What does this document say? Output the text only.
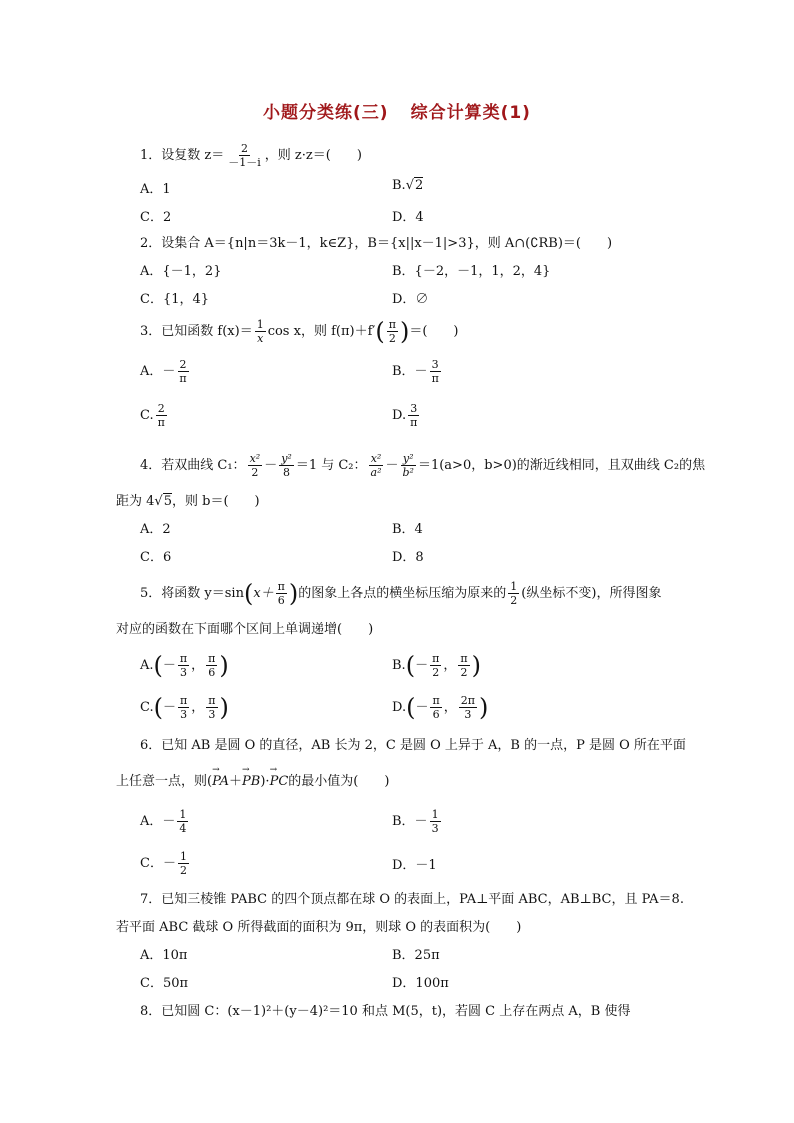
小题分类练(三) 综合计算类(1)
1．设复数 $z= \frac{2}{-1-i}$ ，则 z·z＝(　　)
A．1	B.√2
C．2	D．4
2．设集合 A＝{n|n＝3k－1，k∈Z}，B＝{x||x－1|>3}，则 A∩(∁RB)＝(　　)
A．{－1，2}	B．{－2，－1，1，2，4}
C．{1，4}	D．∅
3．已知函数 $f(x)= \frac{1}{x}$ cos x，则 $f(\pi)+f'( \frac{\pi}{2}$ )＝(　　)
A．－ $\frac{2}{\pi}$	B．－ $\frac{3}{\pi}$
C. $\frac{2}{\pi}$	D. $\frac{3}{\pi}$
4．若双曲线 C₁： $\frac{\text{x²}}{2} - \frac{\text{y²}}{8} =1$ 与 C₂： $\frac{\text{x²}}{\text{a²}} - \frac{\text{y²}}{\text{b²}} =1(a>0$，b>0)的渐近线相同，且双曲线 C₂的焦
距为 4√5，则 b＝(　　)
A．2	B．4
C．6	D．8
5．将函数 $y=\sin(x+ \frac{\pi}{6}$ )的图象上各点的横坐标压缩为原来的 $\frac{1}{2}$ (纵坐标不变)，所得图象
对应的函数在下面哪个区间上单调递增(　　)
$A.(- \frac{\pi}{3}$ ， $\frac{\pi}{6}$ )	$B.(- \frac{\pi}{2}$ ， $\frac{\pi}{2}$ )
$C.(- \frac{\pi}{3}$ ， $\frac{\pi}{3}$ )	$D.(- \frac{\pi}{6}$ ， $\frac{2\pi}{3}$ )
6．已知 AB 是圆 O 的直径，AB 长为 2，C 是圆 O 上异于 A，B 的一点，P 是圆 O 所在平面
上任意一点，则(→ PA＋→ PB)·→ PC的最小值为(　　)
A．－ $\frac{1}{4}$	B．－ $\frac{1}{3}$
C．－ $\frac{1}{2}$	D．－1
7．已知三棱锥 PABC 的四个顶点都在球 O 的表面上，PA⊥平面 ABC，AB⊥BC，且 PA＝8.
若平面 ABC 截球 O 所得截面的面积为 9π，则球 O 的表面积为(　　)
A．10π	B．25π
C．50π	D．100π
8．已知圆 C：(x－1)²＋(y－4)²＝10 和点 M(5，t)，若圆 C 上存在两点 A，B 使得
